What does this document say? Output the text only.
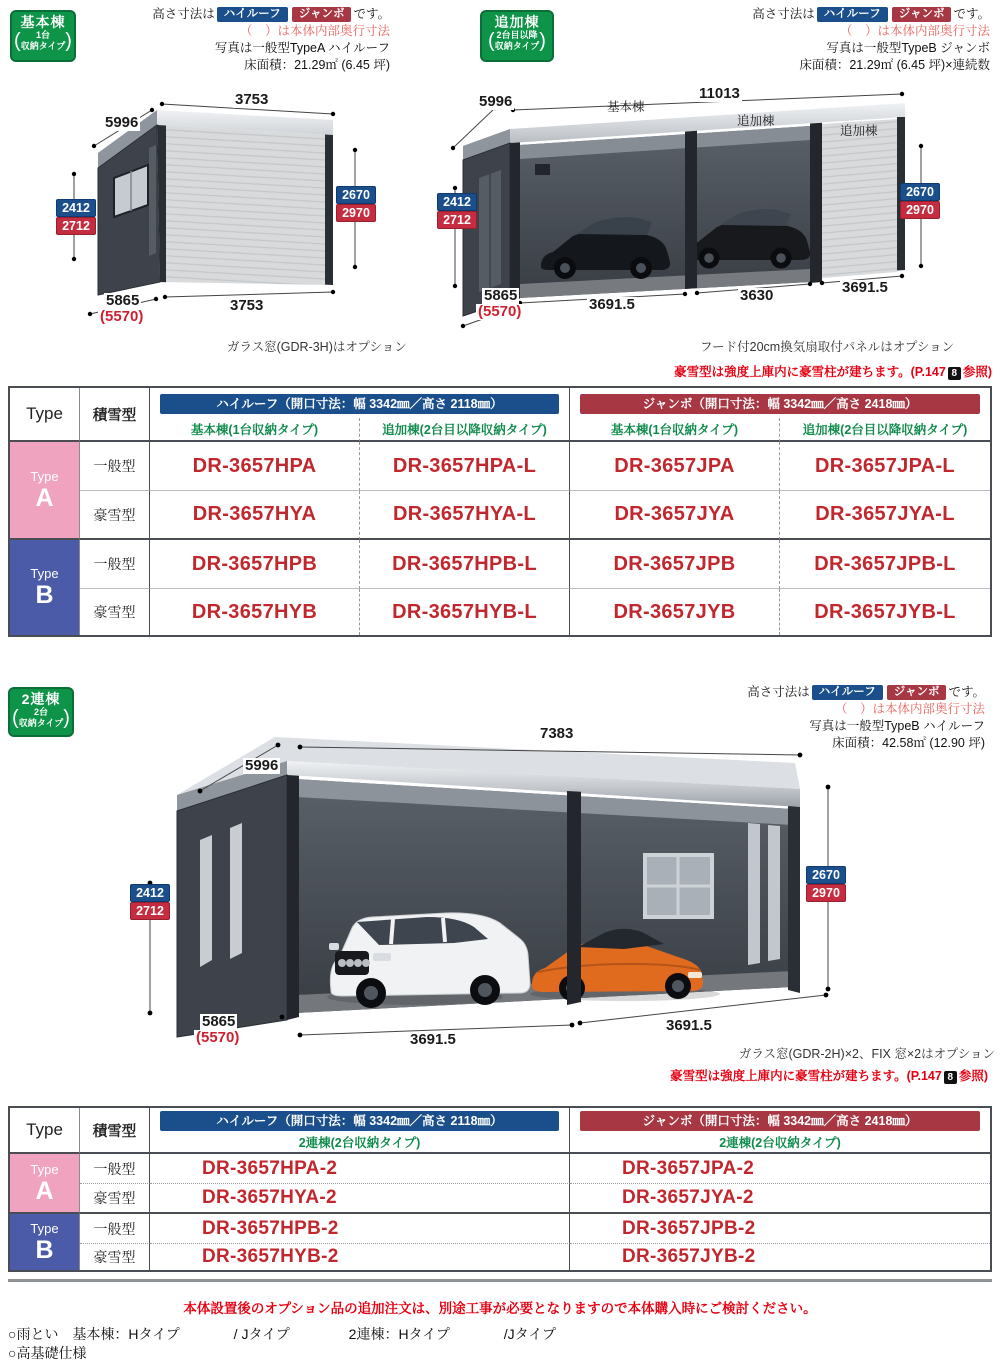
基本棟
(	1台
収納タイプ )
高さ寸法は ハイルーフ ジャンボ です。
（　）は本体内部奥行寸法
写真は一般型TypeA ハイルーフ
床面積：21.29㎡ (6.45 坪)
3753
5996
2412
2712
2670
2970
5865
(5570)
3753
ガラス窓(GDR-3H)はオプション
追加棟
( 2台目以降
収納タイプ )
高さ寸法は ハイルーフ ジャンボ です。
（　）は本体内部奥行寸法
写真は一般型TypeB ジャンボ
床面積：21.29㎡ (6.45 坪)×連続数
基本棟
追加棟
追加棟
11013
5996
2412
2712
2670
2970
5865
(5570)	3691.5
3630	3691.5
フード付20cm換気扇取付パネルはオプション
豪雪型は強度上庫内に豪雪柱が建ちます。(P.147 8 参照)
Type	積雪型
ハイルーフ（開口寸法：幅 3342㎜／高さ 2118㎜）	ジャンボ（開口寸法：幅 3342㎜／高さ 2418㎜）
基本棟(1台収納タイプ)	追加棟(2台目以降収納タイプ)	基本棟(1台収納タイプ)	追加棟(2台目以降収納タイプ)
Type
A
Type
B
一般型	DR-3657HPA	DR-3657HPA-L	DR-3657JPA	DR-3657JPA-L
豪雪型	DR-3657HYA	DR-3657HYA-L	DR-3657JYA	DR-3657JYA-L
一般型	DR-3657HPB	DR-3657HPB-L	DR-3657JPB	DR-3657JPB-L
豪雪型	DR-3657HYB	DR-3657HYB-L	DR-3657JYB	DR-3657JYB-L
2連棟
(	2台
収納タイプ )
高さ寸法は ハイルーフ ジャンボ です。
（　）は本体内部奥行寸法
写真は一般型TypeB ハイルーフ
床面積：42.58㎡ (12.90 坪)
7383
5996
2412
2712
2670
2970
5865
(5570)	3691.5
3691.5
ガラス窓(GDR-2H)×2、FIX 窓×2はオプション
豪雪型は強度上庫内に豪雪柱が建ちます。(P.147 8 参照)
Type	積雪型
ハイルーフ（開口寸法：幅 3342㎜／高さ 2118㎜）	ジャンボ（開口寸法：幅 3342㎜／高さ 2418㎜）
2連棟(2台収納タイプ)	2連棟(2台収納タイプ)
Type
A
Type
B
一般型	DR-3657HPA-2	DR-3657JPA-2
豪雪型	DR-3657HYA-2	DR-3657JYA-2
一般型	DR-3657HPB-2	DR-3657JPB-2
豪雪型	DR-3657HYB-2	DR-3657JYB-2
本体設置後のオプション品の追加注文は、別途工事が必要となりますので本体購入時にご検討ください。
○雨とい 基本棟：Hタイプ	/ Jタイプ	2連棟：Hタイプ	/Jタイプ
○高基礎仕様
